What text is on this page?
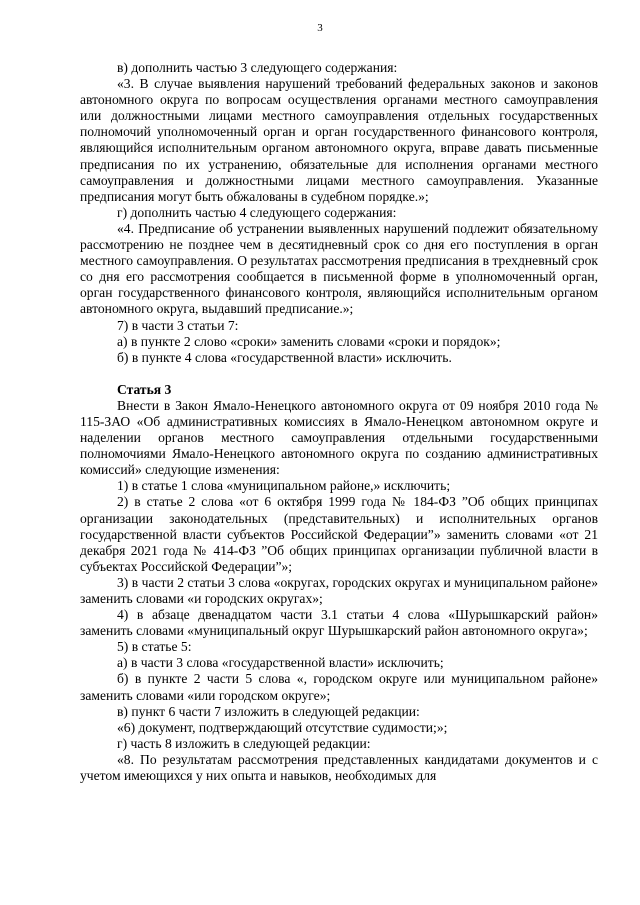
3

в) дополнить частью 3 следующего содержания:

«3. В случае выявления нарушений требований федеральных законов и законов автономного округа по вопросам осуществления органами местного самоуправления или должностными лицами местного самоуправления отдельных государственных полномочий уполномоченный орган и орган государственного финансового контроля, являющийся исполнительным органом автономного округа, вправе давать письменные предписания по их устранению, обязательные для исполнения органами местного самоуправления и должностными лицами местного самоуправления. Указанные предписания могут быть обжалованы в судебном порядке.»;

г) дополнить частью 4 следующего содержания:

«4. Предписание об устранении выявленных нарушений подлежит обязательному рассмотрению не позднее чем в десятидневный срок со дня его поступления в орган местного самоуправления. О результатах рассмотрения предписания в трехдневный срок со дня его рассмотрения сообщается в письменной форме в уполномоченный орган, орган государственного финансового контроля, являющийся исполнительным органом автономного округа, выдавший предписание.»;

7) в части 3 статьи 7:

а) в пункте 2 слово «сроки» заменить словами «сроки и порядок»;

б) в пункте 4 слова «государственной власти» исключить.

Статья 3

Внести в Закон Ямало-Ненецкого автономного округа от 09 ноября 2010 года № 115-ЗАО «Об административных комиссиях в Ямало-Ненецком автономном округе и наделении органов местного самоуправления отдельными государственными полномочиями Ямало-Ненецкого автономного округа по созданию административных комиссий» следующие изменения:

1) в статье 1 слова «муниципальном районе,» исключить;

2) в статье 2 слова «от 6 октября 1999 года № 184-ФЗ ”Об общих принципах организации законодательных (представительных) и исполнительных органов государственной власти субъектов Российской Федерации”» заменить словами «от 21 декабря 2021 года № 414-ФЗ ”Об общих принципах организации публичной власти в субъектах Российской Федерации”»;

3) в части 2 статьи 3 слова «округах, городских округах и муниципальном районе» заменить словами «и городских округах»;

4) в абзаце двенадцатом части 3.1 статьи 4 слова «Шурышкарский район» заменить словами «муниципальный округ Шурышкарский район автономного округа»;

5) в статье 5:

а) в части 3 слова «государственной власти» исключить;

б) в пункте 2 части 5 слова «, городском округе или муниципальном районе» заменить словами «или городском округе»;

в) пункт 6 части 7 изложить в следующей редакции:

«6) документ, подтверждающий отсутствие судимости;»;

г) часть 8 изложить в следующей редакции:

«8. По результатам рассмотрения представленных кандидатами документов и с учетом имеющихся у них опыта и навыков, необходимых для
